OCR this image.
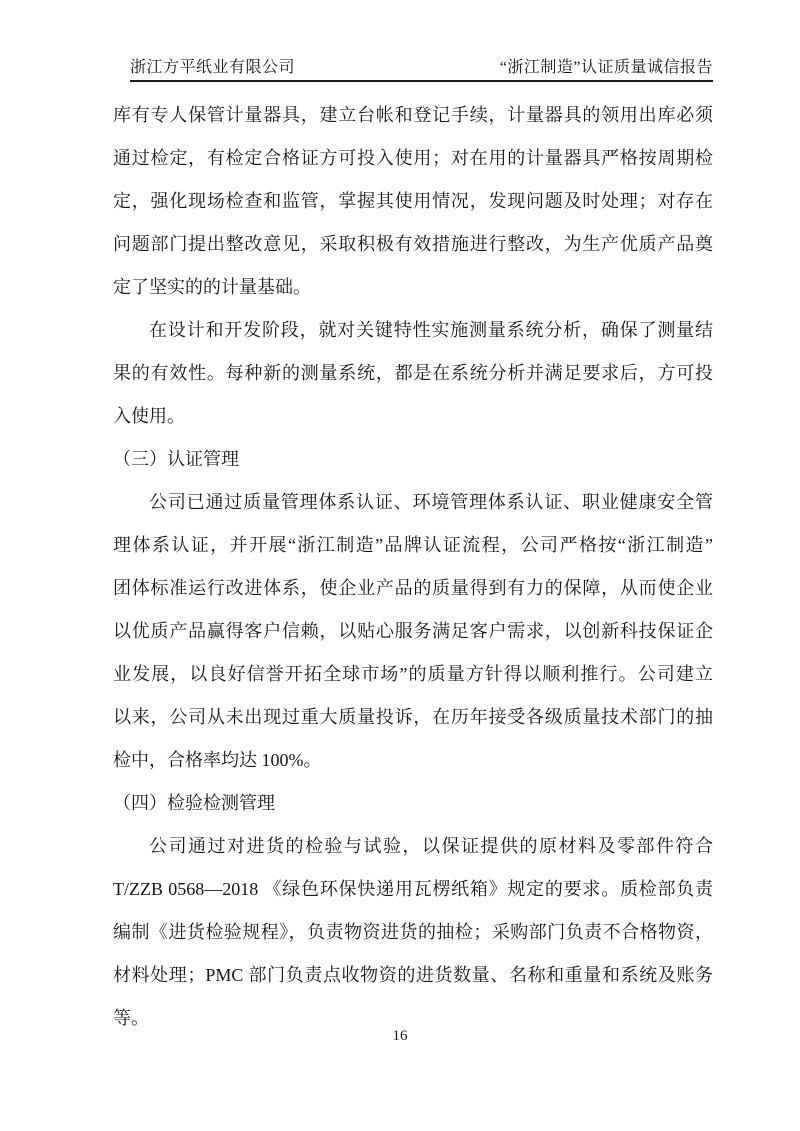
浙江方平纸业有限公司	“浙江制造”认证质量诚信报告
库有专人保管计量器具，建立台帐和登记手续，计量器具的领用出库必须
通过检定，有检定合格证方可投入使用；对在用的计量器具严格按周期检
定，强化现场检查和监管，掌握其使用情况，发现问题及时处理；对存在
问题部门提出整改意见，采取积极有效措施进行整改，为生产优质产品奠
定了坚实的的计量基础。
在设计和开发阶段，就对关键特性实施测量系统分析，确保了测量结
果的有效性。每种新的测量系统，都是在系统分析并满足要求后，方可投
入使用。
（三）认证管理
公司已通过质量管理体系认证、环境管理体系认证、职业健康安全管
理体系认证，并开展“浙江制造”品牌认证流程，公司严格按“浙江制造”
团体标准运行改进体系，使企业产品的质量得到有力的保障，从而使企业
以优质产品赢得客户信赖，以贴心服务满足客户需求，以创新科技保证企
业发展，以良好信誉开拓全球市场”的质量方针得以顺利推行。公司建立
以来，公司从未出现过重大质量投诉，在历年接受各级质量技术部门的抽
检中，合格率均达 100%。
（四）检验检测管理
公司通过对进货的检验与试验，以保证提供的原材料及零部件符合
T/ZZB 0568—2018 《绿色环保快递用瓦楞纸箱》规定的要求。质检部负责
编制《进货检验规程》，负责物资进货的抽检；采购部门负责不合格物资，
材料处理；PMC 部门负责点收物资的进货数量、名称和重量和系统及账务
等。
16
